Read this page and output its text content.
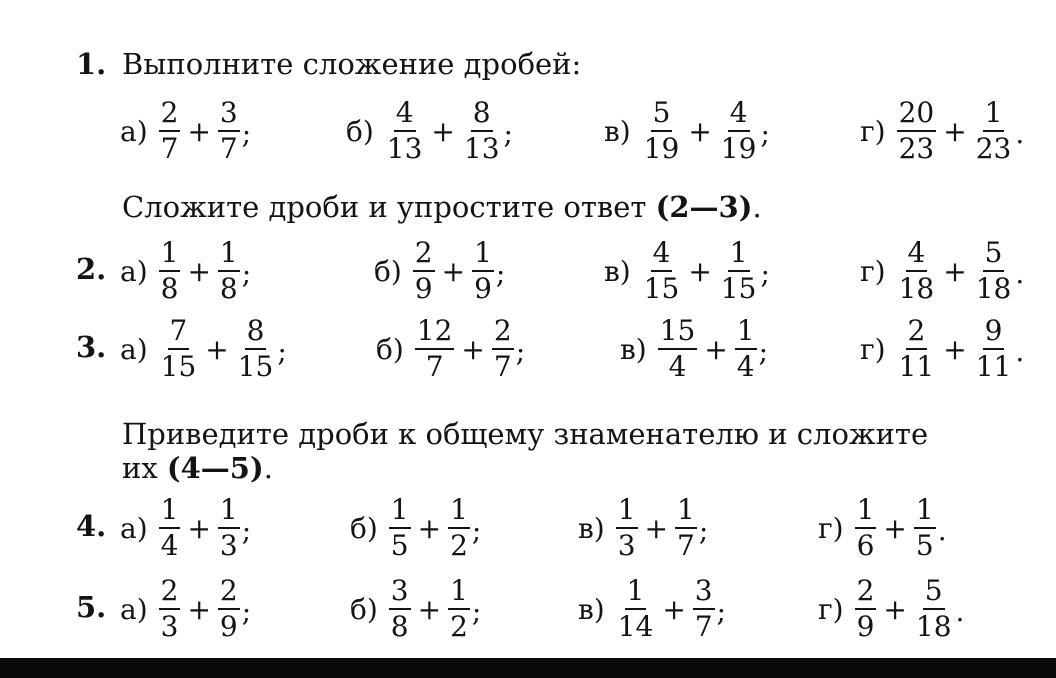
1. Выполните сложение дробей:
$а) \frac{2}{7} + \frac{3}{7}$ ;	$б) \frac{4}{13} + \frac{8}{13}$ ;	$в) \frac{5}{19} + \frac{4}{19}$ ;	$г) \frac{20}{23} + \frac{1}{23}$ .
Сложите дроби и упростите ответ (2—3).
2. $а) \frac{1}{8} + \frac{1}{8}$ ;	$б) \frac{2}{9} + \frac{1}{9}$ ;	$в) \frac{4}{15} + \frac{1}{15}$ ;	$г) \frac{4}{18} + \frac{5}{18}$ .
3. $а) \frac{7}{15} + \frac{8}{15}$ ;	$б) \frac{12}{7} + \frac{2}{7}$ ;	$в) \frac{15}{4} + \frac{1}{4}$ ;	$г) \frac{2}{11} + \frac{9}{11}$ .
Приведите дроби к общему знаменателю и сложите
их (4—5).
4. $а) \frac{1}{4} + \frac{1}{3}$ ;	$б) \frac{1}{5} + \frac{1}{2}$ ;	$в) \frac{1}{3} + \frac{1}{7}$ ;	$г) \frac{1}{6} + \frac{1}{5}$ .
5. $а) \frac{2}{3} + \frac{2}{9}$ ;	$б) \frac{3}{8} + \frac{1}{2}$ ;	$в) \frac{1}{14} + \frac{3}{7}$ ;	$г) \frac{2}{9} + \frac{5}{18}$ .
